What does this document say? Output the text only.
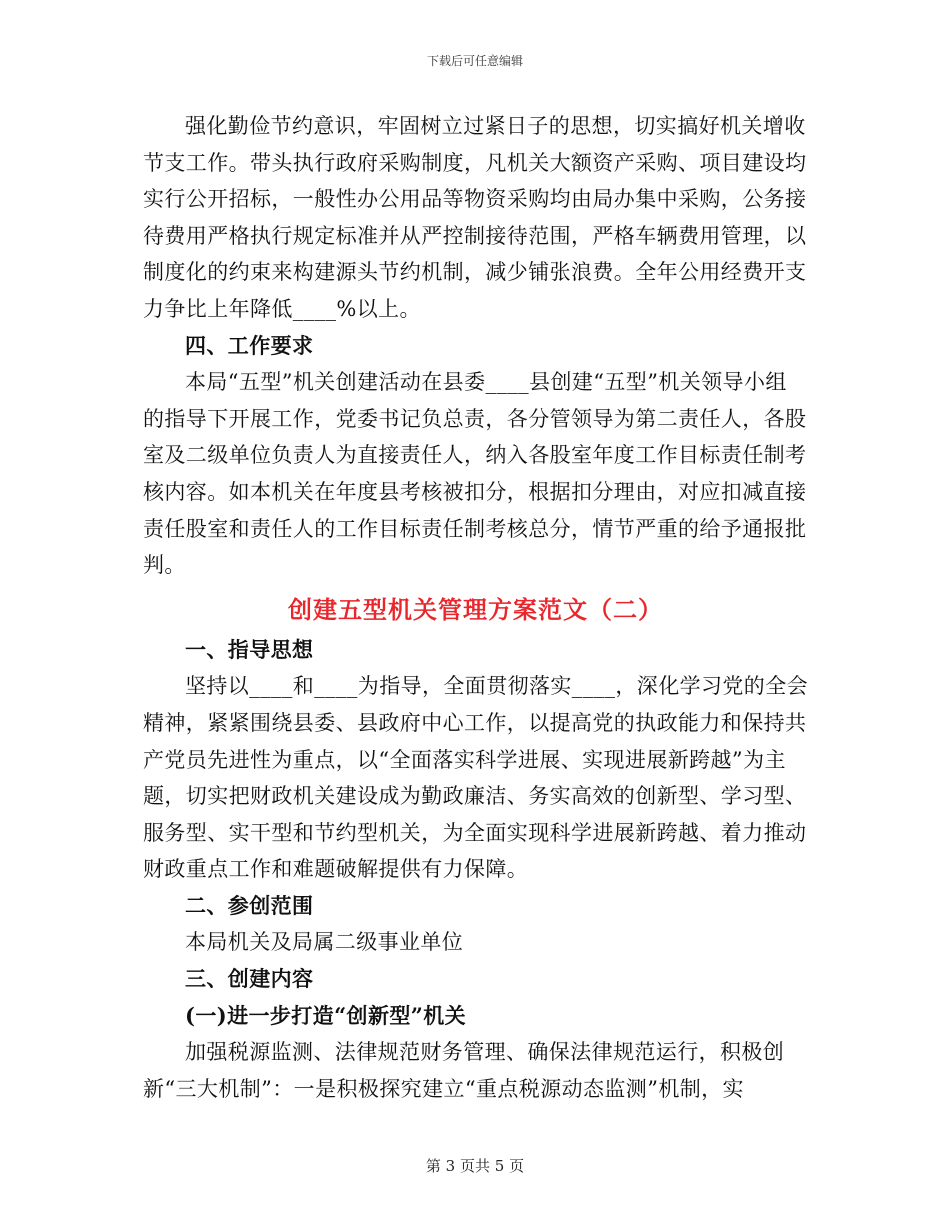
下载后可任意编辑

强化勤俭节约意识，牢固树立过紧日子的思想，切实搞好机关增收节支工作。带头执行政府采购制度，凡机关大额资产采购、项目建设均实行公开招标，一般性办公用品等物资采购均由局办集中采购，公务接待费用严格执行规定标准并从严控制接待范围，严格车辆费用管理，以制度化的约束来构建源头节约机制，减少铺张浪费。全年公用经费开支力争比上年降低____%以上。

四、工作要求

本局“五型”机关创建活动在县委____县创建“五型”机关领导小组的指导下开展工作，党委书记负总责，各分管领导为第二责任人，各股室及二级单位负责人为直接责任人，纳入各股室年度工作目标责任制考核内容。如本机关在年度县考核被扣分，根据扣分理由，对应扣减直接责任股室和责任人的工作目标责任制考核总分，情节严重的给予通报批判。

创建五型机关管理方案范文（二）

一、指导思想

坚持以____和____为指导，全面贯彻落实____，深化学习党的全会精神，紧紧围绕县委、县政府中心工作，以提高党的执政能力和保持共产党员先进性为重点，以“全面落实科学进展、实现进展新跨越”为主题，切实把财政机关建设成为勤政廉洁、务实高效的创新型、学习型、服务型、实干型和节约型机关，为全面实现科学进展新跨越、着力推动财政重点工作和难题破解提供有力保障。

二、参创范围

本局机关及局属二级事业单位

三、创建内容

(一)进一步打造“创新型”机关

加强税源监测、法律规范财务管理、确保法律规范运行，积极创新“三大机制”：一是积极探究建立“重点税源动态监测”机制，实

第 3 页共 5 页
